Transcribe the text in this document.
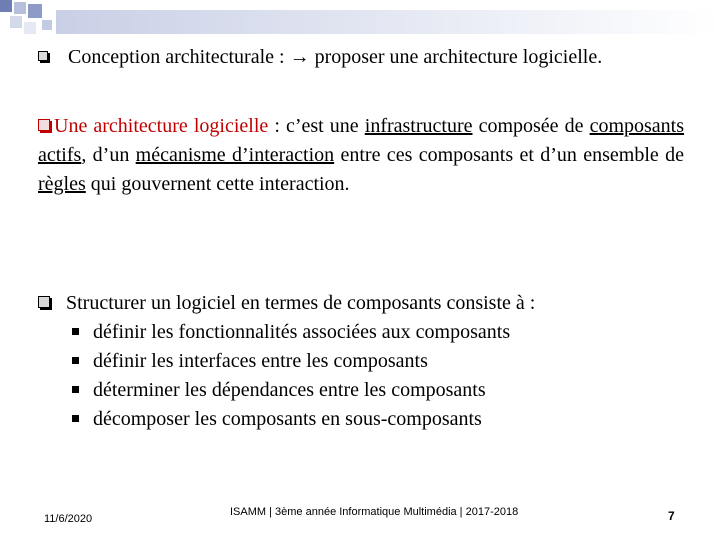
Conception architecturale : → proposer une architecture logicielle.
Une architecture logicielle : c’est une infrastructure composée de composants actifs, d’un mécanisme d’interaction entre ces composants et d’un ensemble de règles qui gouvernent cette interaction.
Structurer un logiciel en termes de composants consiste à :
définir les fonctionnalités associées aux composants
définir les interfaces entre les composants
déterminer les dépendances entre les composants
décomposer les composants en sous-composants
11/6/2020
ISAMM | 3ème année Informatique Multimédia | 2017-2018	7
